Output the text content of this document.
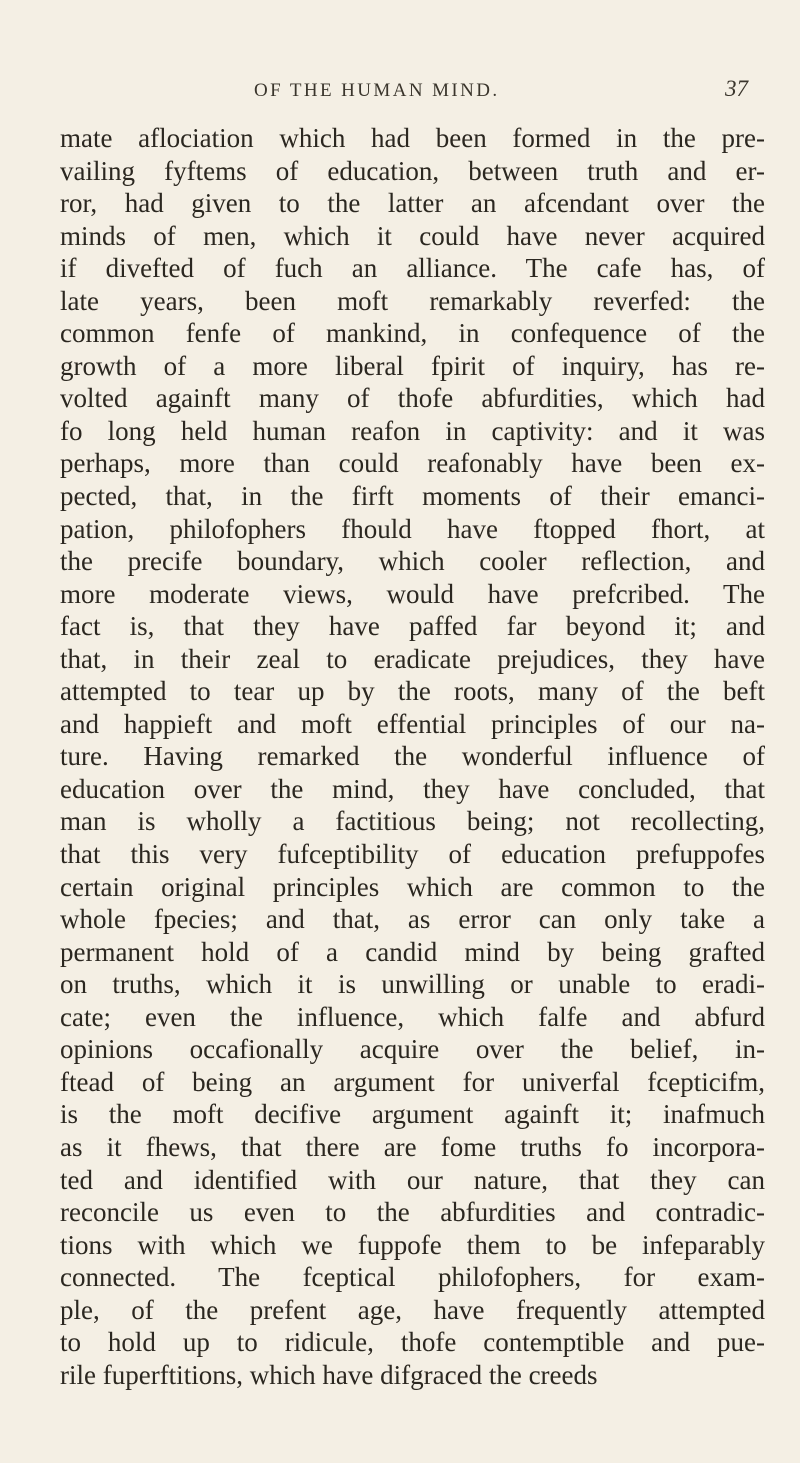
OF THE HUMAN MIND.	37
mate aflociation which had been formed in the pre-
vailing fyftems of education, between truth and er-
ror, had given to the latter an afcendant over the
minds of men, which it could have never acquired
if divefted of fuch an alliance. The cafe has, of
late years, been moft remarkably reverfed: the
common fenfe of mankind, in confequence of the
growth of a more liberal fpirit of inquiry, has re-
volted againft many of thofe abfurdities, which had
fo long held human reafon in captivity: and it was
perhaps, more than could reafonably have been ex-
pected, that, in the firft moments of their emanci-
pation, philofophers fhould have ftopped fhort, at
the precife boundary, which cooler reflection, and
more moderate views, would have prefcribed. The
fact is, that they have paffed far beyond it; and
that, in their zeal to eradicate prejudices, they have
attempted to tear up by the roots, many of the beft
and happieft and moft effential principles of our na-
ture. Having remarked the wonderful influence of
education over the mind, they have concluded, that
man is wholly a factitious being; not recollecting,
that this very fufceptibility of education prefuppofes
certain original principles which are common to the
whole fpecies; and that, as error can only take a
permanent hold of a candid mind by being grafted
on truths, which it is unwilling or unable to eradi-
cate; even the influence, which falfe and abfurd
opinions occafionally acquire over the belief, in-
ftead of being an argument for univerfal fcepticifm,
is the moft decifive argument againft it; inafmuch
as it fhews, that there are fome truths fo incorpora-
ted and identified with our nature, that they can
reconcile us even to the abfurdities and contradic-
tions with which we fuppofe them to be infeparably
connected. The fceptical philofophers, for exam-
ple, of the prefent age, have frequently attempted
to hold up to ridicule, thofe contemptible and pue-
rile fuperftitions, which have difgraced the creeds
